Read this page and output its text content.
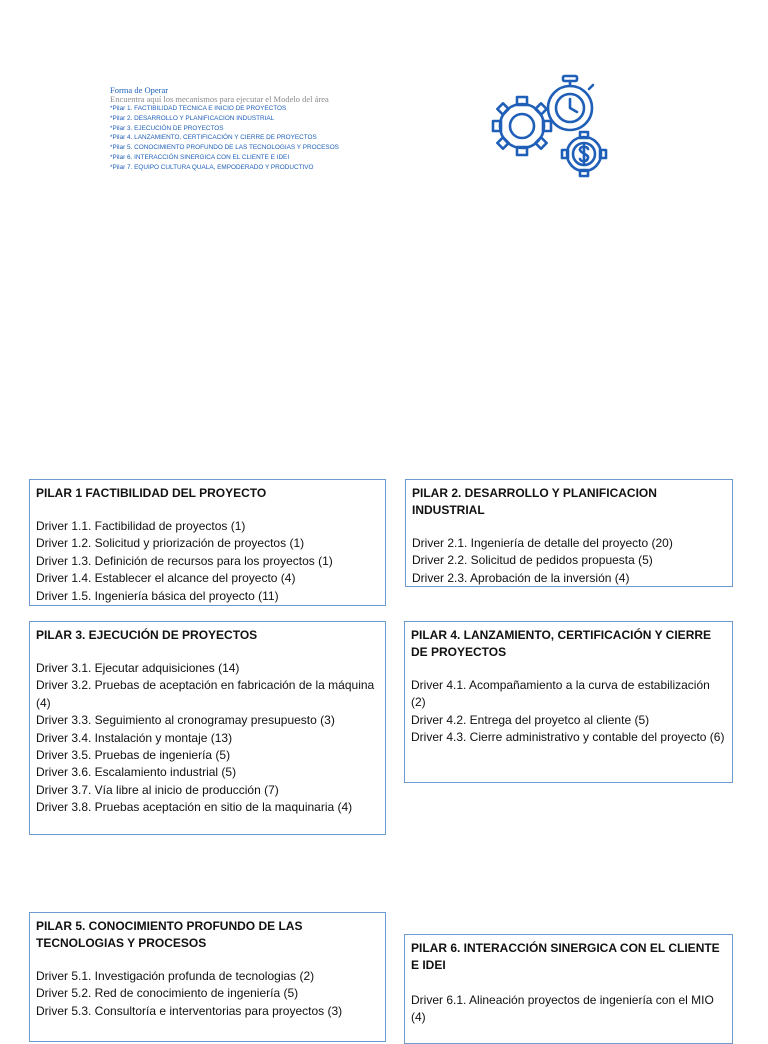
Forma de Operar
Encuentra aquí los mecanismos para ejecutar el Modelo del área
*Pilar 1. FACTIBILIDAD TECNICA E INICIO DE PROYECTOS
*Pilar 2. DESARROLLO Y PLANIFICACION INDUSTRIAL
*Pilar 3. EJECUCIÓN DE PROYECTOS
*Pilar 4. LANZAMIENTO, CERTIFICACIÓN Y CIERRE DE PROYECTOS
*Pilar 5. CONOCIMIENTO PROFUNDO DE LAS TECNOLOGIAS Y PROCESOS
*Pilar 6. INTERACCIÓN SINERGICA CON EL CLIENTE E IDEI
*Pilar 7. EQUIPO CULTURA QUALA, EMPODERADO Y PRODUCTIVO
PILAR 1 FACTIBILIDAD DEL PROYECTO
Driver 1.1. Factibilidad de proyectos (1)
Driver 1.2. Solicitud y priorización de proyectos (1)
Driver 1.3. Definición de recursos para los proyectos (1)
Driver 1.4. Establecer el alcance del proyecto (4)
Driver 1.5. Ingeniería básica del proyecto (11)
PILAR 2. DESARROLLO Y PLANIFICACION INDUSTRIAL
Driver 2.1. Ingeniería de detalle del proyecto (20)
Driver 2.2. Solicitud de pedidos propuesta (5)
Driver 2.3. Aprobación de la inversión (4)
PILAR 3. EJECUCIÓN DE PROYECTOS
Driver 3.1. Ejecutar adquisiciones (14)
Driver 3.2. Pruebas de aceptación en fabricación de la máquina (4)
Driver 3.3. Seguimiento al cronogramay presupuesto (3)
Driver 3.4. Instalación y montaje (13)
Driver 3.5. Pruebas de ingeniería (5)
Driver 3.6. Escalamiento industrial (5)
Driver 3.7. Vía libre al inicio de producción (7)
Driver 3.8. Pruebas aceptación en sitio de la maquinaria (4)
PILAR 4. LANZAMIENTO, CERTIFICACIÓN Y CIERRE DE PROYECTOS
Driver 4.1. Acompañamiento a la curva de estabilización (2)
Driver 4.2. Entrega del proyetco al cliente (5)
Driver 4.3. Cierre administrativo y contable del proyecto (6)
PILAR 5. CONOCIMIENTO PROFUNDO DE LAS TECNOLOGIAS Y PROCESOS
Driver 5.1. Investigación profunda de tecnologias (2)
Driver 5.2. Red de conocimiento de ingeniería (5)
Driver 5.3. Consultoría e interventorias para proyectos (3)
PILAR 6. INTERACCIÓN SINERGICA CON EL CLIENTE E IDEI
Driver 6.1. Alineación proyectos de ingeniería con el MIO (4)
